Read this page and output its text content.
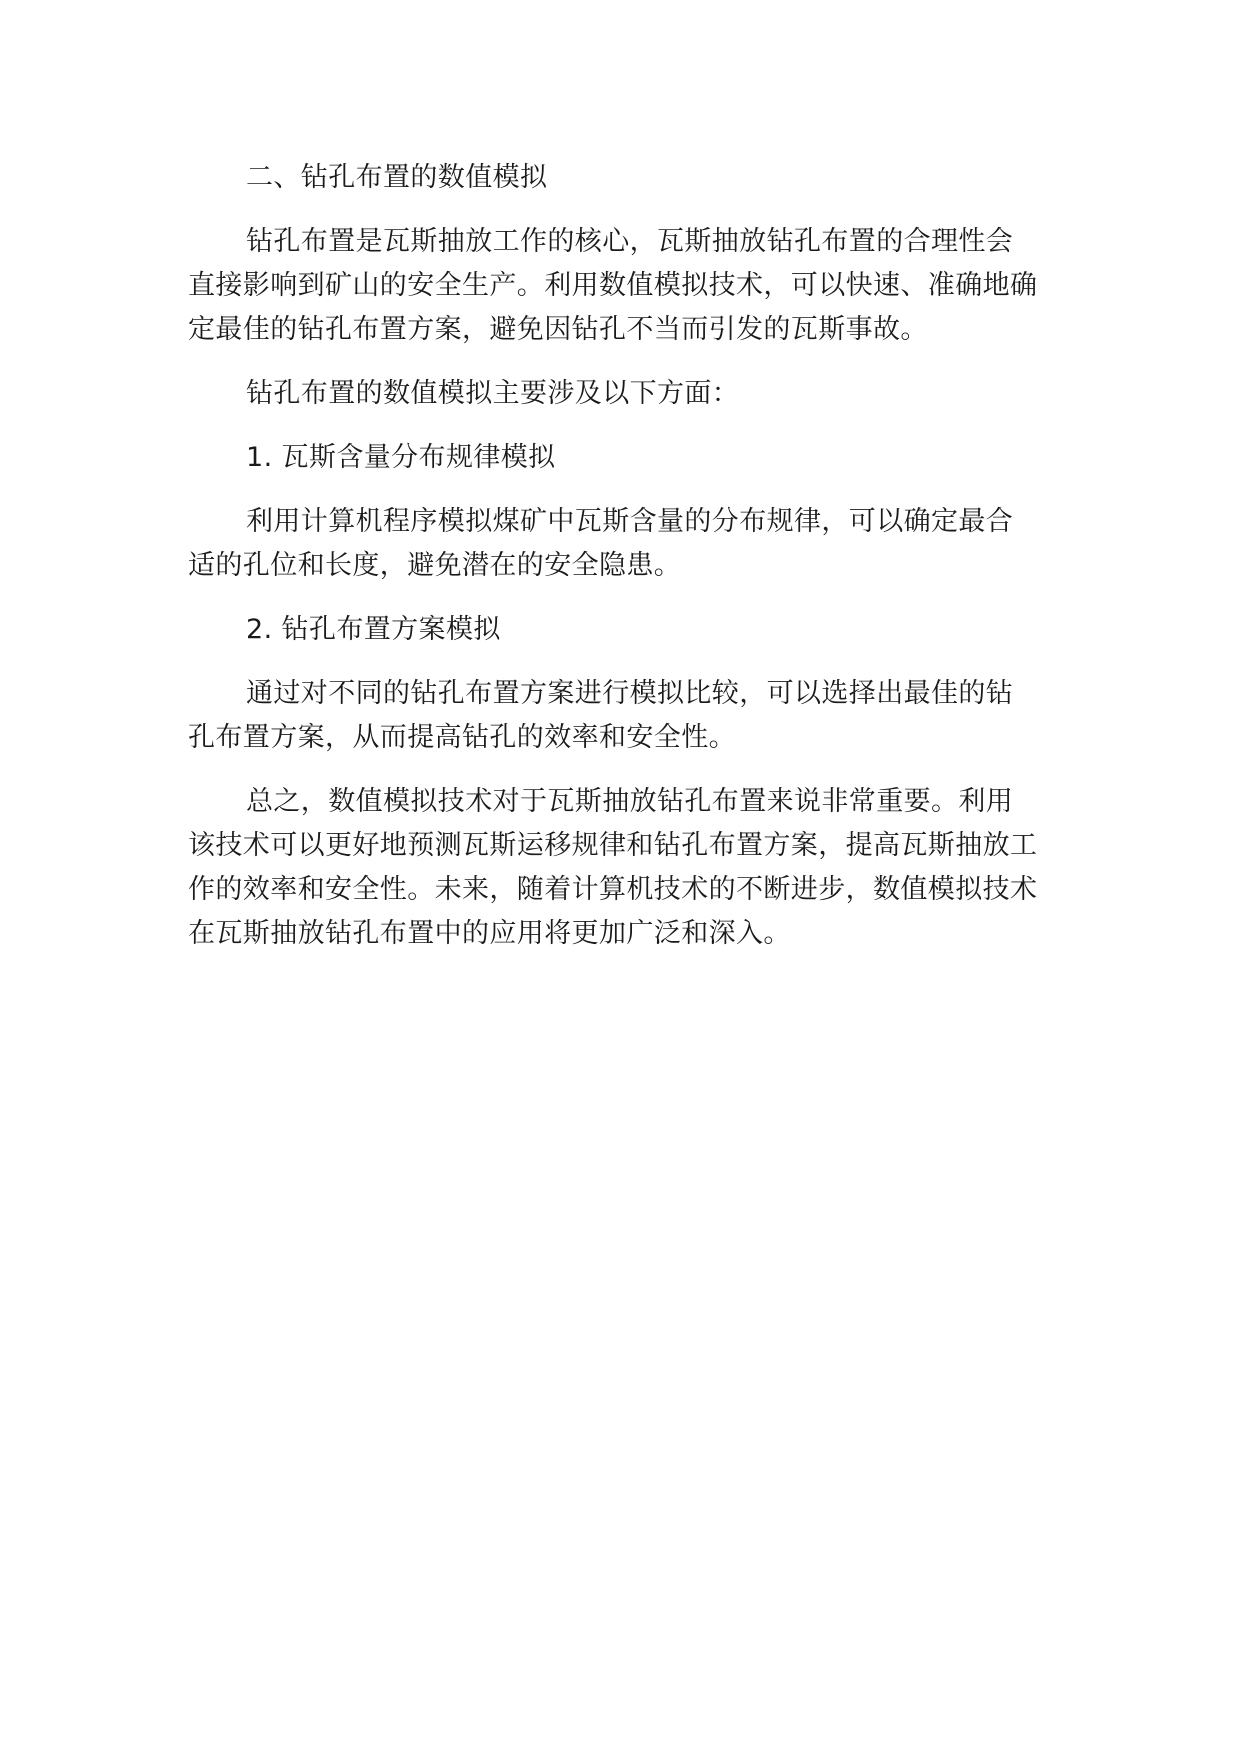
二、钻孔布置的数值模拟

钻孔布置是瓦斯抽放工作的核心，瓦斯抽放钻孔布置的合理性会直接影响到矿山的安全生产。利用数值模拟技术，可以快速、准确地确定最佳的钻孔布置方案，避免因钻孔不当而引发的瓦斯事故。

钻孔布置的数值模拟主要涉及以下方面：

1. 瓦斯含量分布规律模拟

利用计算机程序模拟煤矿中瓦斯含量的分布规律，可以确定最合适的孔位和长度，避免潜在的安全隐患。

2. 钻孔布置方案模拟

通过对不同的钻孔布置方案进行模拟比较，可以选择出最佳的钻孔布置方案，从而提高钻孔的效率和安全性。

总之，数值模拟技术对于瓦斯抽放钻孔布置来说非常重要。利用该技术可以更好地预测瓦斯运移规律和钻孔布置方案，提高瓦斯抽放工作的效率和安全性。未来，随着计算机技术的不断进步，数值模拟技术在瓦斯抽放钻孔布置中的应用将更加广泛和深入。
